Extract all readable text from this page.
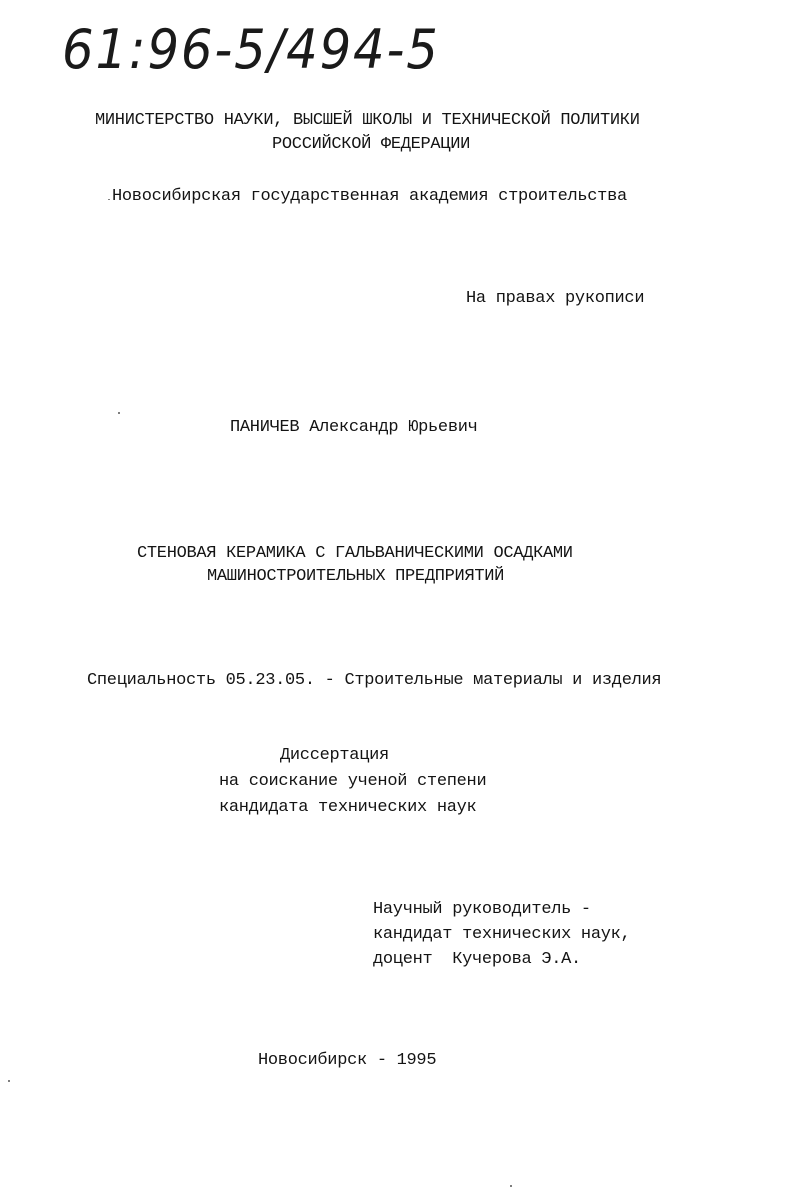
61:96-5/494-5
МИНИСТЕРСТВО НАУКИ, ВЫСШЕЙ ШКОЛЫ И ТЕХНИЧЕСКОЙ ПОЛИТИКИ
РОССИЙСКОЙ ФЕДЕРАЦИИ
Новосибирская государственная академия строительства
На правах рукописи
ПАНИЧЕВ Александр Юрьевич
СТЕНОВАЯ КЕРАМИКА С ГАЛЬВАНИЧЕСКИМИ ОСАДКАМИ
МАШИНОСТРОИТЕЛЬНЫХ ПРЕДПРИЯТИЙ
Специальность 05.23.05. - Строительные материалы и изделия
Диссертация
на соискание ученой степени
кандидата технических наук
Научный руководитель -
кандидат технических наук,
доцент  Кучерова Э.А.
Новосибирск - 1995
